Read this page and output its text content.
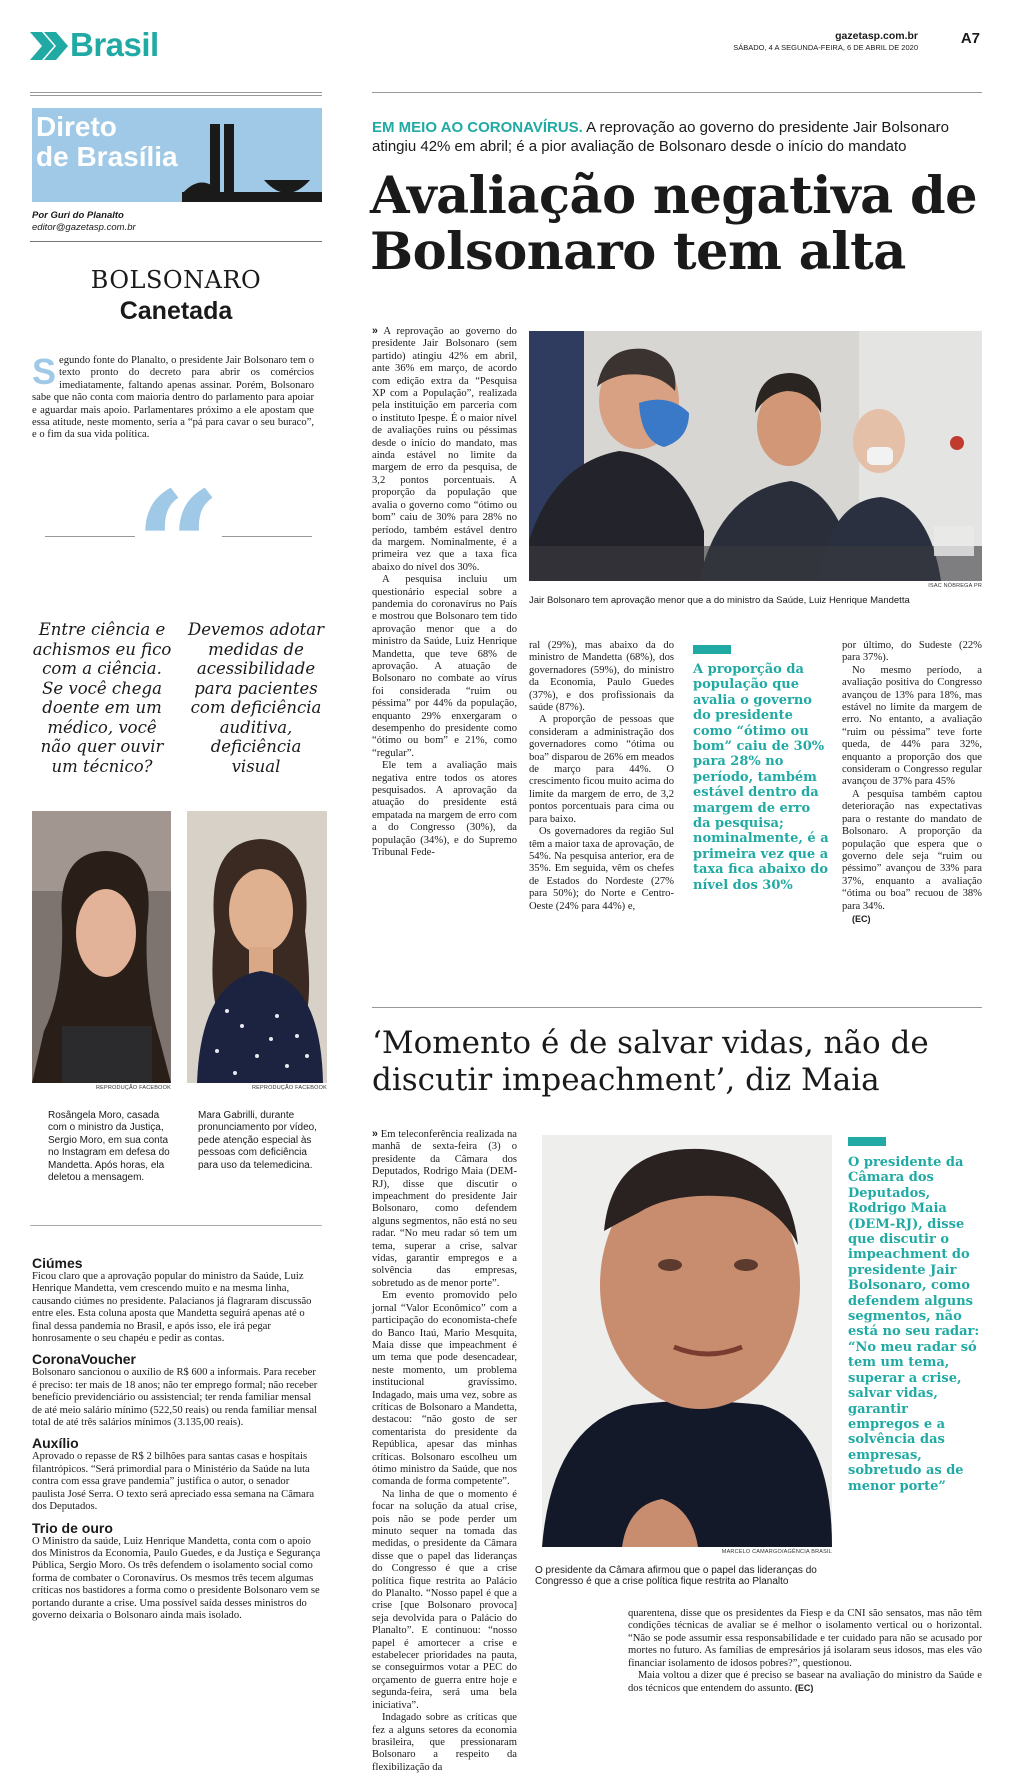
Brasil	gazetasp.com.br
SÁBADO, 4 A SEGUNDA-FEIRA, 6 DE ABRIL DE 2020
A7
Direto
de Brasília
Por Guri do Planalto
editor@gazetasp.com.br
BOLSONARO
Canetada
S egundo fonte do Planalto, o presidente Jair Bolsonaro tem o texto pronto do decreto para abrir os comércios imediatamente, faltando apenas assinar. Porém, Bolsonaro sabe que não conta com maioria dentro do parlamento para apoiar e aguardar mais apoio. Parlamentares próximo a ele apostam que essa atitude, neste momento, seria a “pá para cavar o seu buraco”, e o fim da sua vida política.

“
Entre ciência e achismos eu fico com a ciência. Se você chega doente em um médico, você não quer ouvir um técnico?
Devemos adotar medidas de acessibilidade para pacientes com deficiência auditiva, deficiência visual
REPRODUÇÃO FACEBOOK	REPRODUÇÃO FACEBOOK
Rosângela Moro, casada com o ministro da Justiça, Sergio Moro, em sua conta no Instagram em defesa do Mandetta. Após horas, ela deletou a mensagem.
Mara Gabrilli, durante pronunciamento por vídeo, pede atenção especial às pessoas com deficiência para uso da telemedicina.

Ciúmes

Ficou claro que a aprovação popular do ministro da Saúde, Luiz Henrique Mandetta, vem crescendo muito e na mesma linha, causando ciúmes no presidente. Palacianos já flagraram discussão entre eles. Esta coluna aposta que Mandetta seguirá apenas até o final dessa pandemia no Brasil, e após isso, ele irá pegar honrosamente o seu chapéu e pedir as contas.

CoronaVoucher

Bolsonaro sancionou o auxílio de R$ 600 a informais. Para receber é preciso: ter mais de 18 anos; não ter emprego formal; não receber benefício previdenciário ou assistencial; ter renda familiar mensal de até meio salário mínimo (522,50 reais) ou renda familiar mensal total de até três salários mínimos (3.135,00 reais).

Auxílio

Aprovado o repasse de R$ 2 bilhões para santas casas e hospitais filantrópicos. “Será primordial para o Ministério da Saúde na luta contra com essa grave pandemia” justifica o autor, o senador paulista José Serra. O texto será apreciado essa semana na Câmara dos Deputados.

Trio de ouro

O Ministro da saúde, Luiz Henrique Mandetta, conta com o apoio dos Ministros da Economia, Paulo Guedes, e da Justiça e Segurança Pública, Sergio Moro. Os três defendem o isolamento social como forma de combater o Coronavírus. Os mesmos três tecem algumas críticas nos bastidores a forma como o presidente Bolsonaro vem se portando durante a crise. Uma possível saída desses ministros do governo deixaria o Bolsonaro ainda mais isolado.

EM MEIO AO CORONAVÍRUS. A reprovação ao governo do presidente Jair Bolsonaro atingiu 42% em abril; é a pior avaliação de Bolsonaro desde o início do mandato
Avaliação negativa de Bolsonaro tem alta

» A reprovação ao governo do presidente Jair Bolsonaro (sem partido) atingiu 42% em abril, ante 36% em março, de acordo com edição extra da “Pesquisa XP com a População”, realizada pela instituição em parceria com o instituto Ipespe. É o maior nível de avaliações ruins ou péssimas desde o início do mandato, mas ainda estável no limite da margem de erro da pesquisa, de 3,2 pontos porcentuais. A proporção da população que avalia o governo como “ótimo ou bom” caiu de 30% para 28% no período, também estável dentro da margem. Nominalmente, é a primeira vez que a taxa fica abaixo do nível dos 30%.

A pesquisa incluiu um questionário especial sobre a pandemia do coronavírus no País e mostrou que Bolsonaro tem tido aprovação menor que a do ministro da Saúde, Luiz Henrique Mandetta, que teve 68% de aprovação. A atuação de Bolsonaro no combate ao vírus foi considerada “ruim ou péssima” por 44% da população, enquanto 29% enxergaram o desempenho do presidente como “ótimo ou bom” e 21%, como “regular”.

Ele tem a avaliação mais negativa entre todos os atores pesquisados. A aprovação da atuação do presidente está empatada na margem de erro com a do Congresso (30%), da população (34%), e do Supremo Tribunal Fede-

ISAC NÓBREGA PR
Jair Bolsonaro tem aprovação menor que a do ministro da Saúde, Luiz Henrique Mandetta

ral (29%), mas abaixo da do ministro de Mandetta (68%), dos governadores (59%), do ministro da Economia, Paulo Guedes (37%), e dos profissionais da saúde (87%).

A proporção de pessoas que consideram a administração dos governadores como “ótima ou boa” disparou de 26% em meados de março para 44%. O crescimento ficou muito acima do limite da margem de erro, de 3,2 pontos porcentuais para cima ou para baixo.

Os governadores da região Sul têm a maior taxa de aprovação, de 54%. Na pesquisa anterior, era de 35%. Em seguida, vêm os chefes de Estados do Nordeste (27% para 50%); do Norte e Centro-Oeste (24% para 44%) e,

A proporção da população que avalia o governo do presidente como “ótimo ou bom” caiu de 30% para 28% no período, também estável dentro da margem de erro da pesquisa; nominalmente, é a primeira vez que a taxa fica abaixo do nível dos 30%

por último, do Sudeste (22% para 37%).

No mesmo período, a avaliação positiva do Congresso avançou de 13% para 18%, mas estável no limite da margem de erro. No entanto, a avaliação “ruim ou péssima” teve forte queda, de 44% para 32%, enquanto a proporção dos que consideram o Congresso regular avançou de 37% para 45%

A pesquisa também captou deterioração nas expectativas para o restante do mandato de Bolsonaro. A proporção da população que espera que o governo dele seja “ruim ou péssimo” avançou de 33% para 37%, enquanto a avaliação “ótima ou boa” recuou de 38% para 34%.

(EC)

‘Momento é de salvar vidas, não de discutir impeachment’, diz Maia

» Em teleconferência realizada na manhã de sexta-feira (3) o presidente da Câmara dos Deputados, Rodrigo Maia (DEM-RJ), disse que discutir o impeachment do presidente Jair Bolsonaro, como defendem alguns segmentos, não está no seu radar. “No meu radar só tem um tema, superar a crise, salvar vidas, garantir empregos e a solvência das empresas, sobretudo as de menor porte”.

Em evento promovido pelo jornal “Valor Econômico” com a participação do economista-chefe do Banco Itaú, Mario Mesquita, Maia disse que impeachment é um tema que pode desencadear, neste momento, um problema institucional gravíssimo. Indagado, mais uma vez, sobre as críticas de Bolsonaro a Mandetta, destacou: “não gosto de ser comentarista do presidente da República, apesar das minhas críticas. Bolsonaro escolheu um ótimo ministro da Saúde, que nos comanda de forma competente”.

Na linha de que o momento é focar na solução da atual crise, pois não se pode perder um minuto sequer na tomada das medidas, o presidente da Câmara disse que o papel das lideranças do Congresso é que a crise política fique restrita ao Palácio do Planalto. “Nosso papel é que a crise [que Bolsonaro provoca] seja devolvida para o Palácio do Planalto”. E continuou: “nosso papel é amortecer a crise e estabelecer prioridades na pauta, se conseguirmos votar a PEC do orçamento de guerra entre hoje e segunda-feira, será uma bela iniciativa”.

Indagado sobre as críticas que fez a alguns setores da economia brasileira, que pressionaram Bolsonaro a respeito da flexibilização da

MARCELO CAMARGO/AGÊNCIA BRASIL
O presidente da Câmara afirmou que o papel das lideranças do Congresso é que a crise política fique restrita ao Planalto
O presidente da Câmara dos Deputados, Rodrigo Maia (DEM-RJ), disse que discutir o impeachment do presidente Jair Bolsonaro, como defendem alguns segmentos, não está no seu radar: “No meu radar só tem um tema, superar a crise, salvar vidas, garantir empregos e a solvência das empresas, sobretudo as de menor porte”

quarentena, disse que os presidentes da Fiesp e da CNI são sensatos, mas não têm condições técnicas de avaliar se é melhor o isolamento vertical ou o horizontal. “Não se pode assumir essa responsabilidade e ter cuidado para não se acusado por mortes no futuro. As famílias de empresários já isolaram seus idosos, mas eles vão financiar isolamento de idosos pobres?”, questionou.

Maia voltou a dizer que é preciso se basear na avaliação do ministro da Saúde e dos técnicos que entendem do assunto. (EC)
